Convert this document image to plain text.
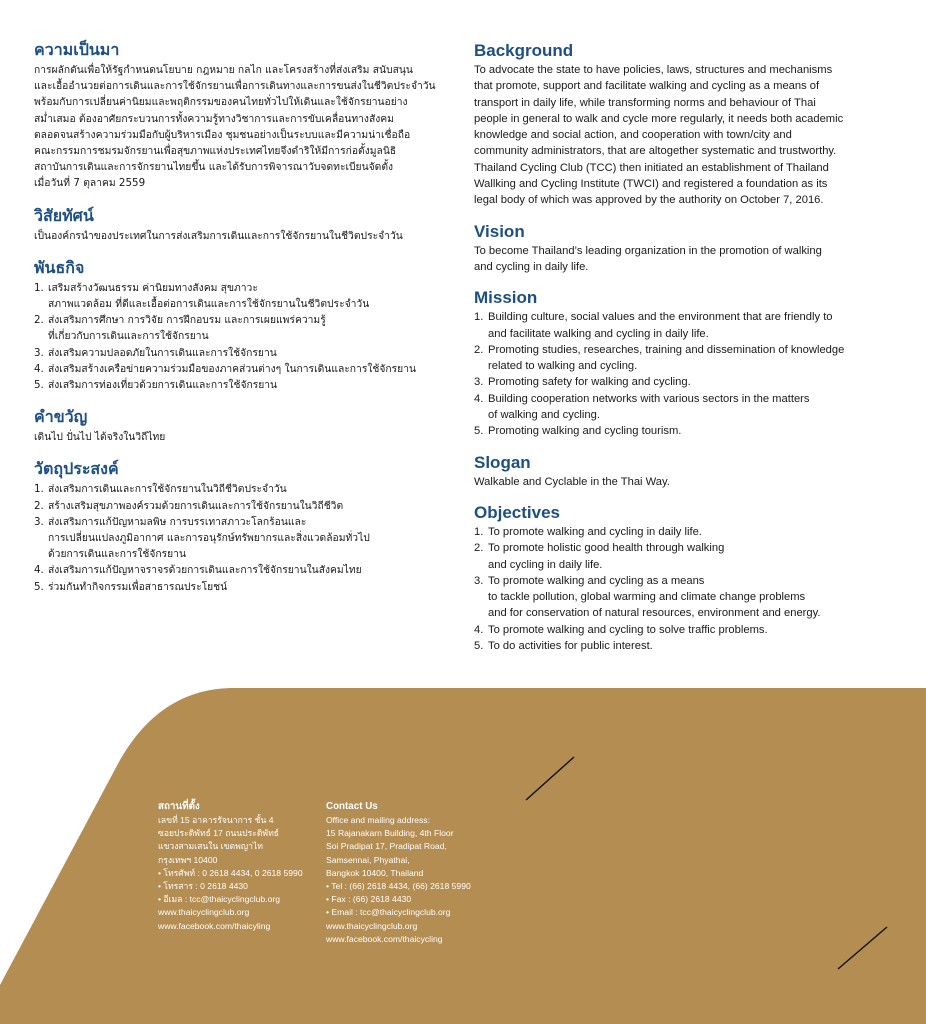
ความเป็นมา

การผลักดันเพื่อให้รัฐกำหนดนโยบาย กฎหมาย กลไก และโครงสร้างที่ส่งเสริม สนับสนุน
และเอื้ออำนวยต่อการเดินและการใช้จักรยานเพื่อการเดินทางและการขนส่งในชีวิตประจำวัน
พร้อมกับการเปลี่ยนค่านิยมและพฤติกรรมของคนไทยทั่วไปให้เดินและใช้จักรยานอย่าง
สม่ำเสมอ ต้องอาศัยกระบวนการทั้งความรู้ทางวิชาการและการขับเคลื่อนทางสังคม
ตลอดจนสร้างความร่วมมือกับผู้บริหารเมือง ชุมชนอย่างเป็นระบบและมีความน่าเชื่อถือ
คณะกรรมการชมรมจักรยานเพื่อสุขภาพแห่งประเทศไทยจึงดำริให้มีการก่อตั้งมูลนิธิ
สถาบันการเดินและการจักรยานไทยขึ้น และได้รับการพิจารณาวับจดทะเบียนจัดตั้ง
เมื่อวันที่ 7 ตุลาคม 2559

วิสัยทัศน์

เป็นองค์กรนำของประเทศในการส่งเสริมการเดินและการใช้จักรยานในชีวิตประจำวัน

พันธกิจ
1. เสริมสร้างวัฒนธรรม ค่านิยมทางสังคม สุขภาวะ
สภาพแวดล้อม ที่ดีและเอื้อต่อการเดินและการใช้จักรยานในชีวิตประจำวัน
2. ส่งเสริมการศึกษา การวิจัย การฝึกอบรม และการเผยแพร่ความรู้
ที่เกี่ยวกับการเดินและการใช้จักรยาน
3. ส่งเสริมความปลอดภัยในการเดินและการใช้จักรยาน
4. ส่งเสริมสร้างเครือข่ายความร่วมมือของภาคส่วนต่างๆ ในการเดินและการใช้จักรยาน
5. ส่งเสริมการท่องเที่ยวด้วยการเดินและการใช้จักรยาน
คำขวัญ

เดินไป ปั่นไป ได้จริงในวิถีไทย

วัตถุประสงค์
1. ส่งเสริมการเดินและการใช้จักรยานในวิถีชีวิตประจำวัน
2. สร้างเสริมสุขภาพองค์รวมด้วยการเดินและการใช้จักรยานในวิถีชีวิต
3. ส่งเสริมการแก้ปัญหามลพิษ การบรรเทาสภาวะโลกร้อนและ
การเปลี่ยนแปลงภูมิอากาศ และการอนุรักษ์ทรัพยากรและสิ่งแวดล้อมทั่วไป
ด้วยการเดินและการใช้จักรยาน
4. ส่งเสริมการแก้ปัญหาจราจรด้วยการเดินและการใช้จักรยานในสังคมไทย
5. ร่วมกันทำกิจกรรมเพื่อสาธารณประโยชน์
Background

To advocate the state to have policies, laws, structures and mechanisms
that promote, support and facilitate walking and cycling as a means of
transport in daily life, while transforming norms and behaviour of Thai
people in general to walk and cycle more regularly, it needs both academic
knowledge and social action, and cooperation with town/city and
community administrators, that are altogether systematic and trustworthy.
Thailand Cycling Club (TCC) then initiated an establishment of Thailand
Wallking and Cycling Institute (TWCI) and registered a foundation as its
legal body of which was approved by the authority on October 7, 2016.

Vision

To become Thailand’s leading organization in the promotion of walking
and cycling in daily life.

Mission
1. Building culture, social values and the environment that are friendly to
and facilitate walking and cycling in daily life.
2. Promoting studies, researches, training and dissemination of knowledge
related to walking and cycling.
3. Promoting safety for walking and cycling.
4. Building cooperation networks with various sectors in the matters
of walking and cycling.
5. Promoting walking and cycling tourism.
Slogan

Walkable and Cyclable in the Thai Way.

Objectives
1. To promote walking and cycling in daily life.
2. To promote holistic good health through walking
and cycling in daily life.
3. To promote walking and cycling as a means
to tackle pollution, global warming and climate change problems
and for conservation of natural resources, environment and energy.
4. To promote walking and cycling to solve traffic problems.
5. To do activities for public interest.
สถานที่ตั้ง
เลขที่ 15 อาคารรัจนาการ ชั้น 4
ซอยประดิพัทธ์ 17 ถนนประดิพัทธ์
แขวงสามเสนใน เขตพญาไท
กรุงเทพฯ 10400
• โทรศัพท์ : 0 2618 4434, 0 2618 5990
• โทรสาร : 0 2618 4430
• อีเมล : tcc@thaicyclingclub.org
www.thaicyclingclub.org
www.facebook.com/thaicyling
Contact Us
Office and mailing address:
15 Rajanakarn Building, 4th Floor
Soi Pradipat 17, Pradipat Road,
Samsennai, Phyathai,
Bangkok 10400, Thailand
• Tel : (66) 2618 4434, (66) 2618 5990
• Fax : (66) 2618 4430
• Email : tcc@thaicyclingclub.org
www.thaicyclingclub.org
www.facebook.com/thaicycling
